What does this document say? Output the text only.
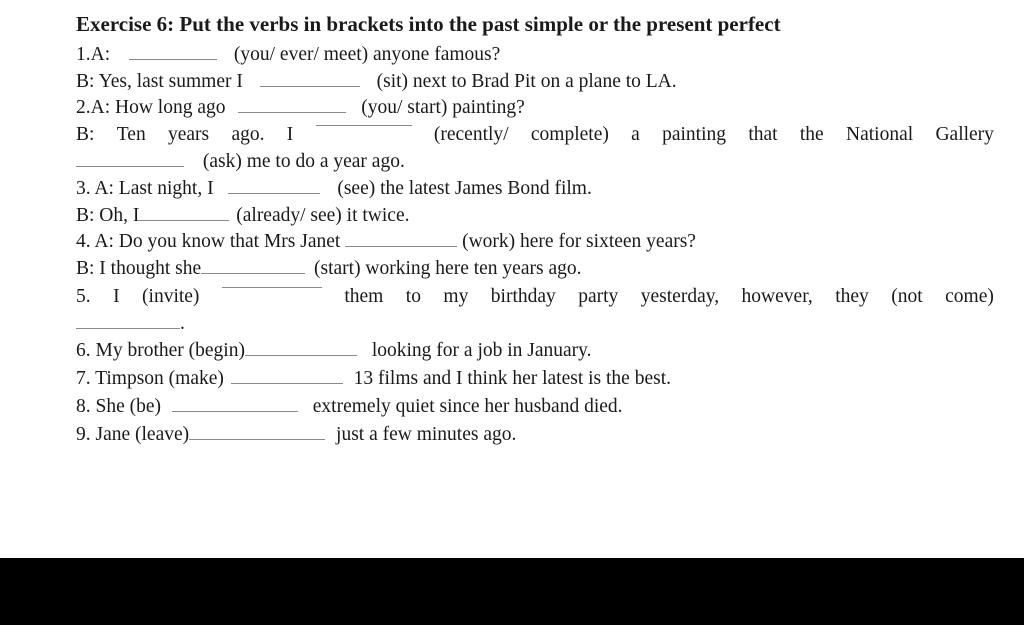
Exercise 6: Put the verbs in brackets into the past simple or the present perfect
1.A:	(you/ ever/ meet) anyone famous?
B: Yes, last summer I	(sit) next to Brad Pit on a plane to LA.
2.A: How long ago	(you/ start) painting?
B: Ten years ago. I	(recently/ complete) a painting that the National Gallery
(ask) me to do a year ago.
3. A: Last night, I	(see) the latest James Bond film.
B: Oh, I	(already/ see) it twice.
4. A: Do you know that Mrs Janet	(work) here for sixteen years?
B: I thought she	(start) working here ten years ago.
5. I (invite)	them to my birthday party yesterday, however, they (not come)
.
6. My brother (begin)	looking for a job in January.
7. Timpson (make)	13 films and I think her latest is the best.
8. She (be)	extremely quiet since her husband died.
9. Jane (leave)	just a few minutes ago.
